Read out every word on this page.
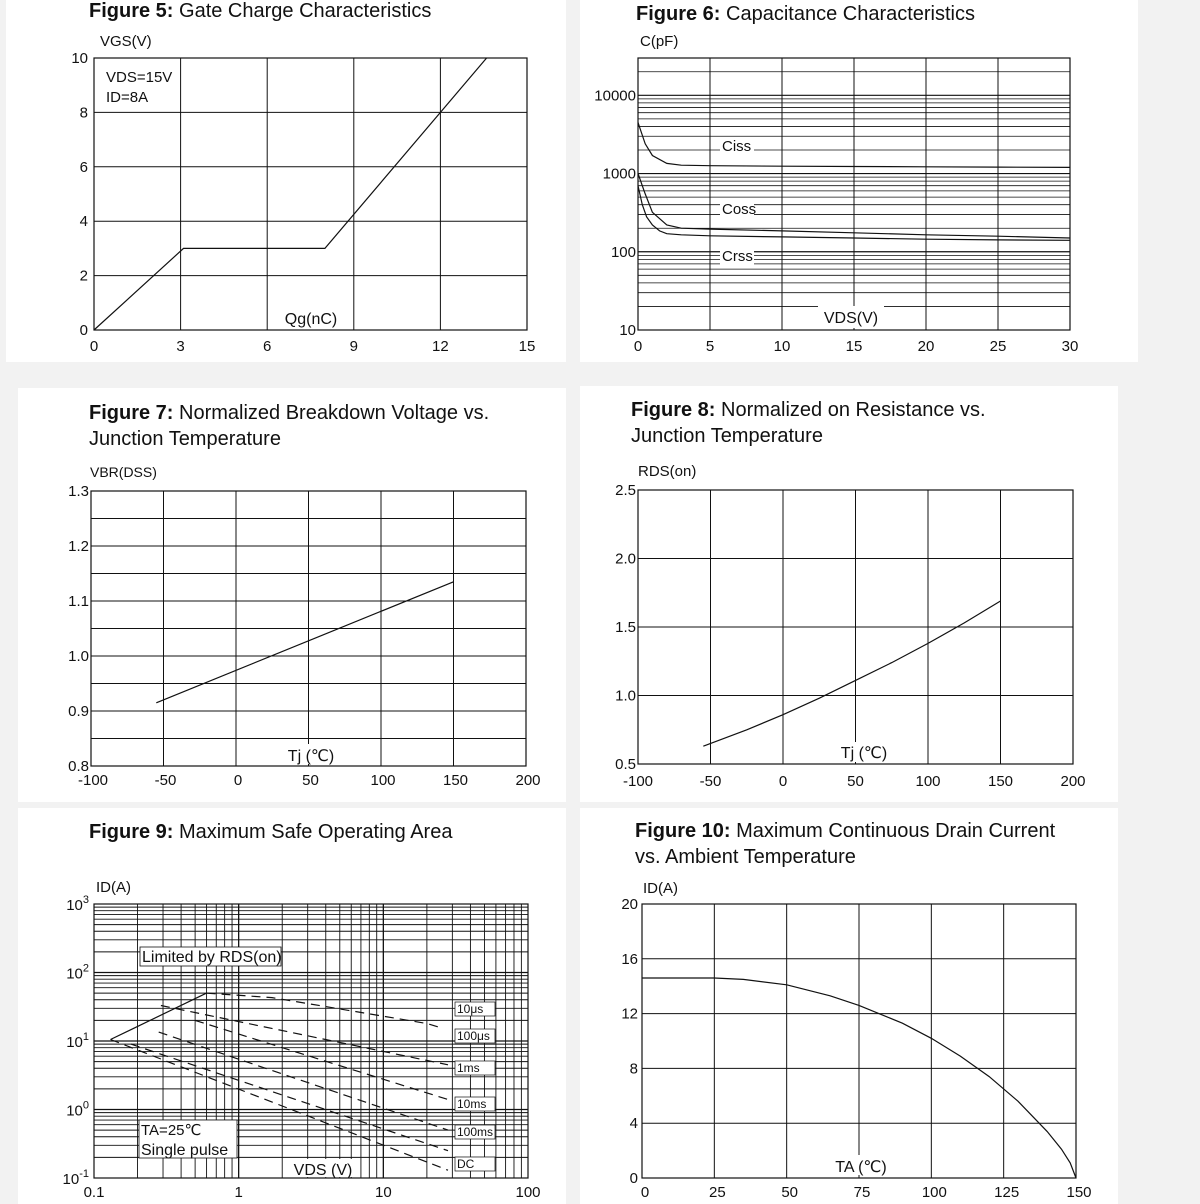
Figure 5: Gate Charge Characteristics	Figure 6: Capacitance Characteristics
Figure 7: Normalized Breakdown Voltage vs.
Junction Temperature
Figure 8: Normalized on Resistance vs.
Junction Temperature
Figure 9: Maximum Safe Operating Area	Figure 10: Maximum Continuous Drain Current
vs. Ambient Temperature
VGS(V)	C(pF)
VBR(DSS)	RDS(on)
ID(A)	ID(A)
0	3	6	9	12	15
0
2
4
6
8
10
Qg(nC)
VDS=15V
ID=8A
0	5	10	15	20	25	30
10
100
1000
10000
Ciss
Coss
Crss
VDS(V)
-100	-50	0	50	100	150	200
0.8
0.9
1.0
1.1
1.2
1.3
Tj (℃)
-100	-50	0	50	100	150	200
0.5
1.0
1.5
2.0
2.5
Tj (℃)
0.1	1	10	100
$10^{-1}$
$10^0$
$10^1$
$10^2$
$10^3$
10μs
100μs
1ms
10ms
100ms
DC
Limited by RDS(on)
TA=25℃
Single pulse
VDS (V)
0	25	50	75	100	125	150
0
4
8
12
16
20
TA (℃)
